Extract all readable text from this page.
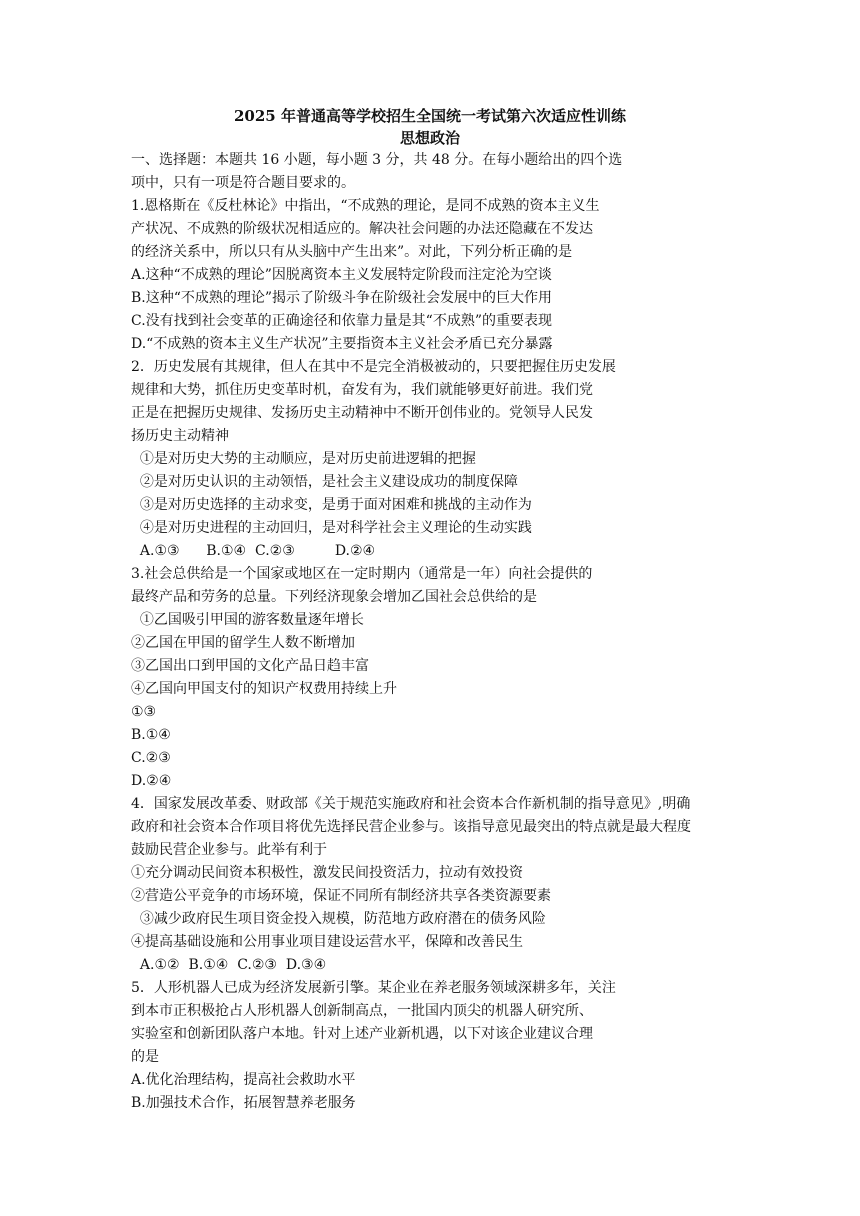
2025 年普通高等学校招生全国统一考试第六次适应性训练
思想政治
一、选择题：本题共 16 小题，每小题 3 分，共 48 分。在每小题给出的四个选
项中，只有一项是符合题目要求的。
1.恩格斯在《反杜林论》中指出，“不成熟的理论，是同不成熟的资本主义生
产状况、不成熟的阶级状况相适应的。解决社会问题的办法还隐藏在不发达
的经济关系中，所以只有从头脑中产生出来”。对此，下列分析正确的是
A.这种“不成熟的理论”因脱离资本主义发展特定阶段而注定沦为空谈
B.这种“不成熟的理论”揭示了阶级斗争在阶级社会发展中的巨大作用
C.没有找到社会变革的正确途径和依靠力量是其“不成熟”的重要表现
D.“不成熟的资本主义生产状况”主要指资本主义社会矛盾已充分暴露
2．历史发展有其规律，但人在其中不是完全消极被动的，只要把握住历史发展
规律和大势，抓住历史变革时机，奋发有为，我们就能够更好前进。我们党
正是在把握历史规律、发扬历史主动精神中不断开创伟业的。党领导人民发
扬历史主动精神
①是对历史大势的主动顺应，是对历史前进逻辑的把握
②是对历史认识的主动领悟，是社会主义建设成功的制度保障
③是对历史选择的主动求变，是勇于面对困难和挑战的主动作为
④是对历史进程的主动回归，是对科学社会主义理论的生动实践
A.①③      B.①④  C.②③         D.②④
3.社会总供给是一个国家或地区在一定时期内（通常是一年）向社会提供的
最终产品和劳务的总量。下列经济现象会增加乙国社会总供给的是
①乙国吸引甲国的游客数量逐年增长
②乙国在甲国的留学生人数不断增加
③乙国出口到甲国的文化产品日趋丰富
④乙国向甲国支付的知识产权费用持续上升
①③
B.①④
C.②③
D.②④
4．国家发展改革委、财政部《关于规范实施政府和社会资本合作新机制的指导意见》,明确
政府和社会资本合作项目将优先选择民营企业参与。该指导意见最突出的特点就是最大程度
鼓励民营企业参与。此举有利于
①充分调动民间资本积极性，激发民间投资活力，拉动有效投资
②营造公平竞争的市场环境，保证不同所有制经济共享各类资源要素
③减少政府民生项目资金投入规模，防范地方政府潜在的债务风险
④提高基础设施和公用事业项目建设运营水平，保障和改善民生
A.①②  B.①④  C.②③  D.③④
5．人形机器人已成为经济发展新引擎。某企业在养老服务领域深耕多年，关注
到本市正积极抢占人形机器人创新制高点，一批国内顶尖的机器人研究所、
实验室和创新团队落户本地。针对上述产业新机遇，以下对该企业建议合理
的是
A.优化治理结构，提高社会救助水平
B.加强技术合作，拓展智慧养老服务
